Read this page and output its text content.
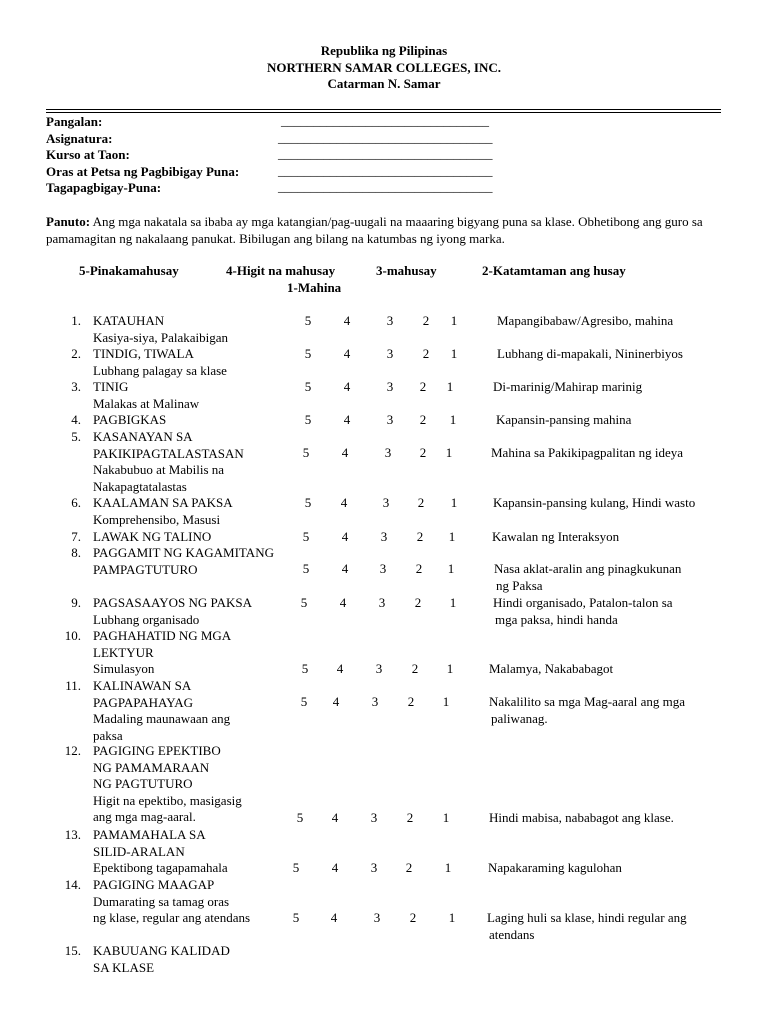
Republika ng Pilipinas
NORTHERN SAMAR COLLEGES, INC.
Catarman N. Samar
Pangalan:	________________________________
Asignatura:	_________________________________
Kurso at Taon:	_________________________________
Oras at Petsa ng Pagbibigay Puna:	_________________________________
Tagapagbigay-Puna:	_________________________________
Panuto: Ang mga nakatala sa ibaba ay mga katangian/pag-uugali na maaaring bigyang puna sa klase. Obhetibong ang guro sa pamamagitan ng nakalaang panukat. Bibilugan ang bilang na katumbas ng iyong marka.
5-Pinakamahusay	4-Higit na mahusay	3-mahusay	2-Katamtaman ang husay
1-Mahina
1. KATAUHAN
Kasiya-siya, Palakaibigan
5	4	3 2 1	Mapangibabaw/Agresibo, mahina
2. TINDIG, TIWALA
Lubhang palagay sa klase
5	4	3 2 1	Lubhang di-mapakali, Nininerbiyos
3. TINIG
Malakas at Malinaw
5	4	3 2 1	Di-marinig/Mahirap marinig
4. PAGBIGKAS	5	4	3 2 1	Kapansin-pansing mahina
5. KASANAYAN SA
PAKIKIPAGTALASTASAN
Nakabubuo at Mabilis na
Nakapagtatalastas
5	4	3 2 1	Mahina sa Pakikipagpalitan ng ideya
6. KAALAMAN SA PAKSA
Komprehensibo, Masusi
5 4	3 2 1	Kapansin-pansing kulang, Hindi wasto
7. LAWAK NG TALINO	5	4	3 2 1	Kawalan ng Interaksyon
8. PAGGAMIT NG KAGAMITANG
PAMPAGTUTURO	5	4 3 2 1	Nasa aklat-aralin ang pinagkukunan
ng Paksa
9. PAGSASAAYOS NG PAKSA
Lubhang organisado
5	4	3 2 1	Hindi organisado, Patalon-talon sa
mga paksa, hindi handa
10. PAGHAHATID NG MGA
LEKTYUR
Simulasyon	5 4	3 2 1	Malamya, Nakababagot
11. KALINAWAN SA
PAGPAPAHAYAG
Madaling maunawaan ang
paksa
5 4	3 2 1	Nakalilito sa mga Mag-aaral ang mga
paliwanag.
12. PAGIGING EPEKTIBO
NG PAMAMARAAN
NG PAGTUTURO
Higit na epektibo, masigasig
ang mga mag-aaral.	5 4	3 2 1	Hindi mabisa, nababagot ang klase.
13. PAMAMAHALA SA
SILID-ARALAN
Epektibong tagapamahala	5	4	3 2	1	Napakaraming kagulohan
14. PAGIGING MAAGAP
Dumarating sa tamag oras
ng klase, regular ang atendans	5 4	3 2	1 Laging huli sa klase, hindi regular ang
atendans
15. KABUUANG KALIDAD
SA KLASE
